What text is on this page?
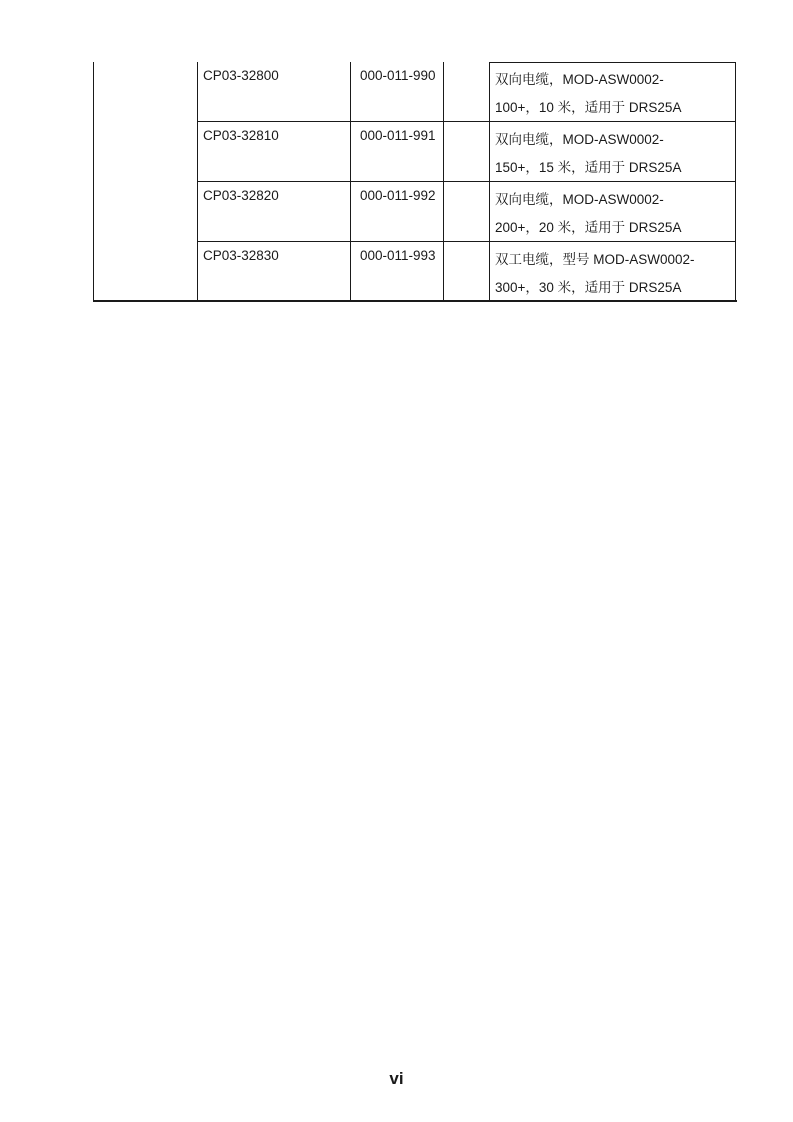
CP03-32800	000-011-990	双向电缆，MOD-ASW0002-
100+，10 米，适用于 DRS25A
CP03-32810	000-011-991	双向电缆，MOD-ASW0002-
150+，15 米，适用于 DRS25A
CP03-32820	000-011-992	双向电缆，MOD-ASW0002-
200+，20 米，适用于 DRS25A
CP03-32830	000-011-993	双工电缆，型号 MOD-ASW0002-
300+，30 米，适用于 DRS25A
vi
